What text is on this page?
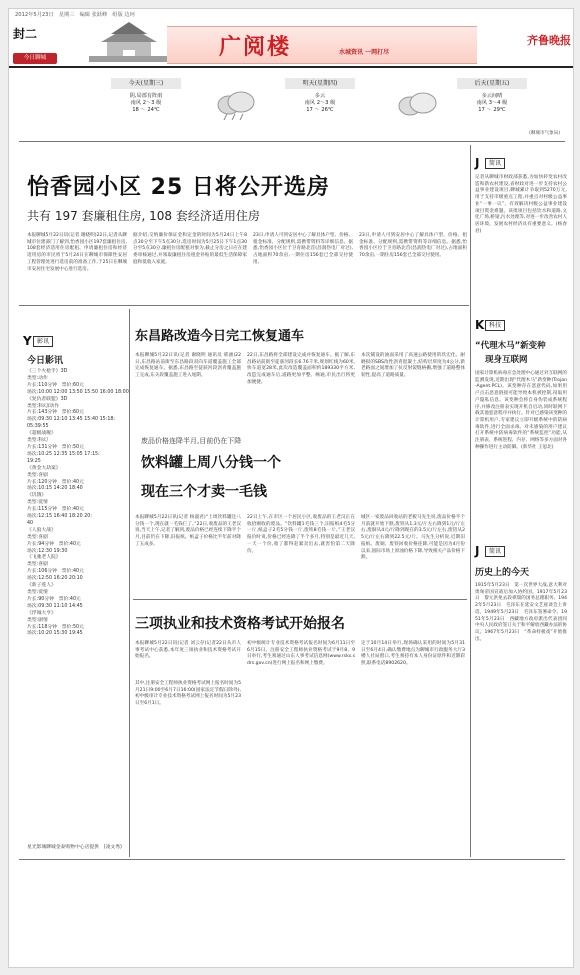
2012年5月23日　星期三　编辑 张跃峰　组版 边珂
封二
今日聊城	广阅楼	水城资讯 一网打尽
齐鲁晚报
今天(星期三)
阴,局部有阵雨
南风 2～3 级
18 ～ 24℃
明天(星期四)
多云
南风 2～3 级
17 ～ 26℃
后天(星期五)
多云间晴
南风 3～4 级
17 ～ 29℃
(聊城市气象局)
怡香园小区 25 日将公开选房
共有 197 套廉租住房, 108 套经济适用住房
本报聊城5月22日讯(记者 谢晓明)22日,记者从聊城市住建部门了解到,怡香园小区197套廉租住房,108套经济适用住房配租、申请廉租住房和经济适用房的市民将于5月24日在聊城市保障性安居工程管理处进行选房前的准备工作,于25日在聊城市安居住宅发展中心进行选房。
据介绍,交纳廉价保证金和定金的时间为5月24日上午8点30分至下午5点30分,选房时间为5月25日下午1点30分至5点30分,廉租住房配租对象为,截止分房之日应在建委审核通过,并领取廉租住房租金补贴的最低生活保障家庭和低收入家庭。
23日,申请人可到安居中心了解具体户型、价格、租金标准、分配规则,需携带资料等详细信息。据悉,怡香园小区位于卫育路北首(昌润热电厂对过),占地面积70余亩,一期住房156套已全部交付使用。
23日,申请人可到安居中心了解具体户型、价格、租金标准、分配规则,需携带资料等详细信息。据悉,怡香园小区位于卫育路北首(昌润热电厂对过),占地面积70余亩,一期住房156套已全部交付使用。
Y 影讯
今日影讯
《三个火枪手》3D
类型:动作
片长:110分钟　票价:60元
场次:10:00 12:00 13:50 15:50 16:00 18:00
《复仇者联盟》3D
类型:科幻/动作
片长:143分钟　票价:60元
场次:09:30 12:10 13:45 15:40 15:18:
05:39:55
《超级战舰》
类型:科幻
片长:131分钟　票价:50元
场次:10:25 12:35 15:05 17:15:
19:25
《黄金大劫案》
类型:喜剧
片长:120分钟　票价:40元
场次:10:15 14:20 18:40
《饥饿》
类型:爱情
片长:115分钟　票价:40元
场次:12:15 16:40 18:20 20:
40
《人狼大战》
类型:喜剧
片长:94分钟　票价:40元
场次:12:30 19:30
《飞驰老人院》
类型:喜剧
片长:106分钟　票价:40元
场次:12:50 16:20 20:10
《新子莲人》
类型:爱情
片长:90分钟　票价:40元
场次:09:30 11:10 14:45
《浮城大亨》
类型:剧情
片长:118分钟　票价:50元
场次:10:20 15:30 19:45

星光影城聊城金泰购物中心店提供　(凌文秀)
东昌路改造今日完工恢复通车
本报聊城5月22日讯(记者 谢晓明 通讯员 邢涵)22日,东昌路站前街至东昌路段双向车道覆盖施工全部完成恢复通车。据悉,东昌路至徒骇河段沥青覆盖施工完成,东关段覆盖施工进入尾期。
22日,东昌路将全部建设完成并恢复通车。据了解,东昌路站前街至徒骇河段长6.76千米,规划红线为60米,快车道宽28米,此次改造覆盖面积约189330平方米,改造完成通车后,道路更加平整、畅通,市民出行将更加便捷。
本次铺设的油面采用了高速公路使用的玖宏化、耐磨损的SBS改性沥青混凝土,结构层厚度为4公分,新老路面之间增加了抗反射裂缝格栅,增强了道路整体韧性,提高了道路质量。
废品价格连降半月,目前仍在下降
饮料罐上周八分钱一个
现在三个才卖一毛钱
本报聊城5月22日讯(记者 杨淑君)“上周饮料罐还八分钱一个,现在就一毛钱仨了。”22日,收废品的王老汉说,当天上午,记者了解到,废品价格已经连续下降半个月,目前仍在下降,旧报纸、纸盒子价格比半年前对降了五成多。
22日上午,在市区一个居民小区,收废品的王老汉正在收拾刚收的废品。“饮料罐1毛钱三个,旧报纸4毛5分一斤,纸盒子2毛5分钱一斤,废铁8毛钱一斤。”王老汉报价时说,价格已经连降了半个多月,特别是最近几天,一天一个价,收了都得赶紧卖出去,就害怕第二天降价。
城区一家废品回收站的老板马先生说,废品价格半个月前就开始下跌,废铁从1.3元/斤左右降到1元/斤左右,废铜从4元/斤降到现在的3.5元/斤左右,废铝从25元/斤左右降到22.5元/斤。马先生分析说,近期旧报纸、废铜、废铁回收价格连降,可能是因为4月份以来,国际市场上原油价格下降,导致相关产品价格下跌。
三项执业和技术资格考试开始报名
本报聊城5月22日讯(记者 刘云存)记者22日从市人事考试中心获悉,本年度三项执业和技术资格考试开始报名。
其中,注册安全工程师执业资格考试网上报名时间为5月21日9:00至6月7日16:00(国家法定节假日除外),初中级审计专业技术资格考试网上报名时间为5月23日至6月1日。
初中级统计专业技术资格考试报名时间为6月11日至6月15日。注册安全工程师执业资格考试于9月8、9日举行,考生须通过山东人事考试信息网(www.rsks.sdrs.gov.cn)进行网上报名和网上缴费。
定于10月14日举行,现场确认采用的时间为5月31日至6月4日,确认缴费地点为聊城市行政服务大厅3楼人社局窗口,考生须持有本人身份证原件和近期彩照,联系电话8902620。
J	简讯
记者从聊城市财政部获悉,为加快转变农村改造和新农村建设,省财政对进一步支持农村公益事业建设项目,聊城累计争取到5270万元,用于支持市级重点工程,并重点对村级公益事业“一事一议”、有效解决村级公益事业建设项目资金难题。该批项目包括饮水和道路,文化广场,桥梁,污水处理等,对进一步改善农村人居环境、发展农村经济具有重要意义。(杨春君)
K 科技
“代理木马”新变种
现身互联网
国家计算机病毒应急处理中心通过对互联网的监测发现,近期出现“代理木马”新变种(Trojan-Agent.PCL)。该变种存在恶意代码,如果用户点击恶意链接可能导致本机被控制,窃取用户隐私信息。该变种会将自身伪装成系统程序,并修改注册表实现开机自启动,同时联网下载其他恶意程序并执行。针对已感染该变种的计算机用户,专家建议立即升级系统中的防病毒软件,进行全面杀毒。对未感染的用户建议打开系统中防病毒软件的“系统监控”功能,从注册表、系统进程、内存、网络等多方面对各种操作进行主动防御。(新华社 王思北)
J	简讯
历史上的今天
1915年5月23日　第一次世界大战,意大利对奥匈帝国宣战后加入协约国。1917年5月23日　黎元洪免去段祺瑞的国务总理职务。1942年5月23日　毛泽东在延安文艺座谈会上讲话。1949年5月23日　毛泽东签署命令。1951年5月23日　西藏地方政府派出代表团同中央人民政府签订关于和平解放西藏办法的协议。1967年5月23日　“革命样板戏”开始推出。
